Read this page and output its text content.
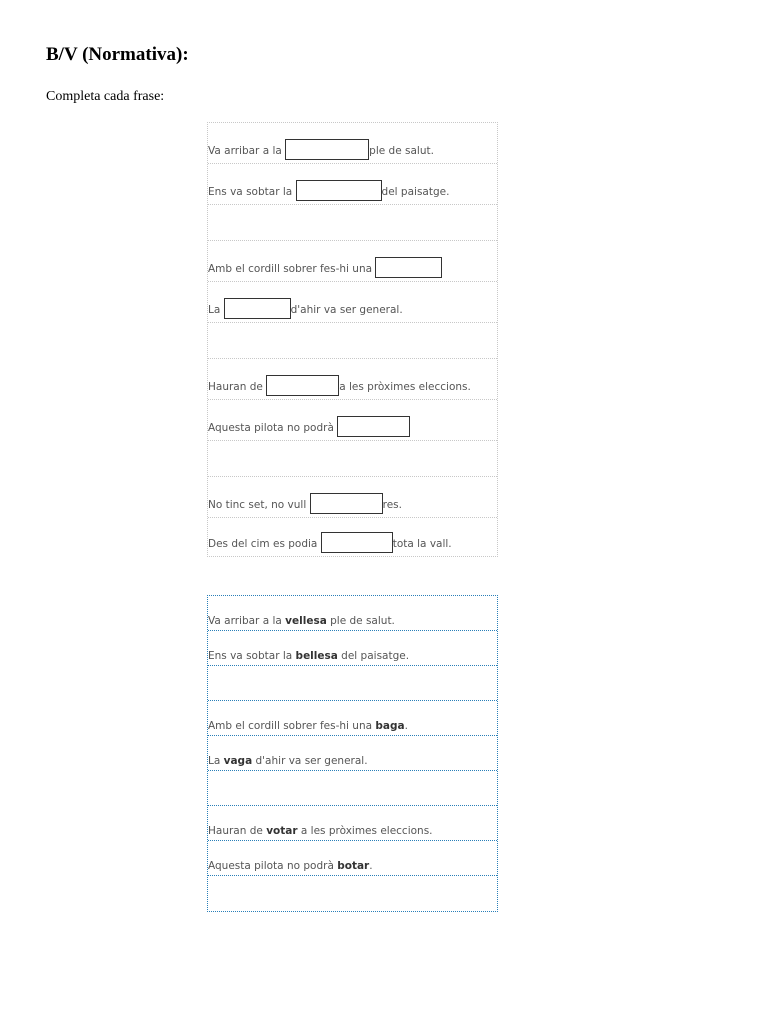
B/V (Normativa):

Completa cada frase:

Va arribar a la	ple de salut.
Ens va sobtar la	del paisatge.
Amb el cordill sobrer fes-hi una
La	d'ahir va ser general.
Hauran de	a les pròximes eleccions.
Aquesta pilota no podrà
No tinc set, no vull	res.
Des del cim es podia	tota la vall.
Va arribar a la vellesa ple de salut.
Ens va sobtar la bellesa del paisatge.
Amb el cordill sobrer fes-hi una baga.
La vaga d'ahir va ser general.
Hauran de votar a les pròximes eleccions.
Aquesta pilota no podrà botar.
